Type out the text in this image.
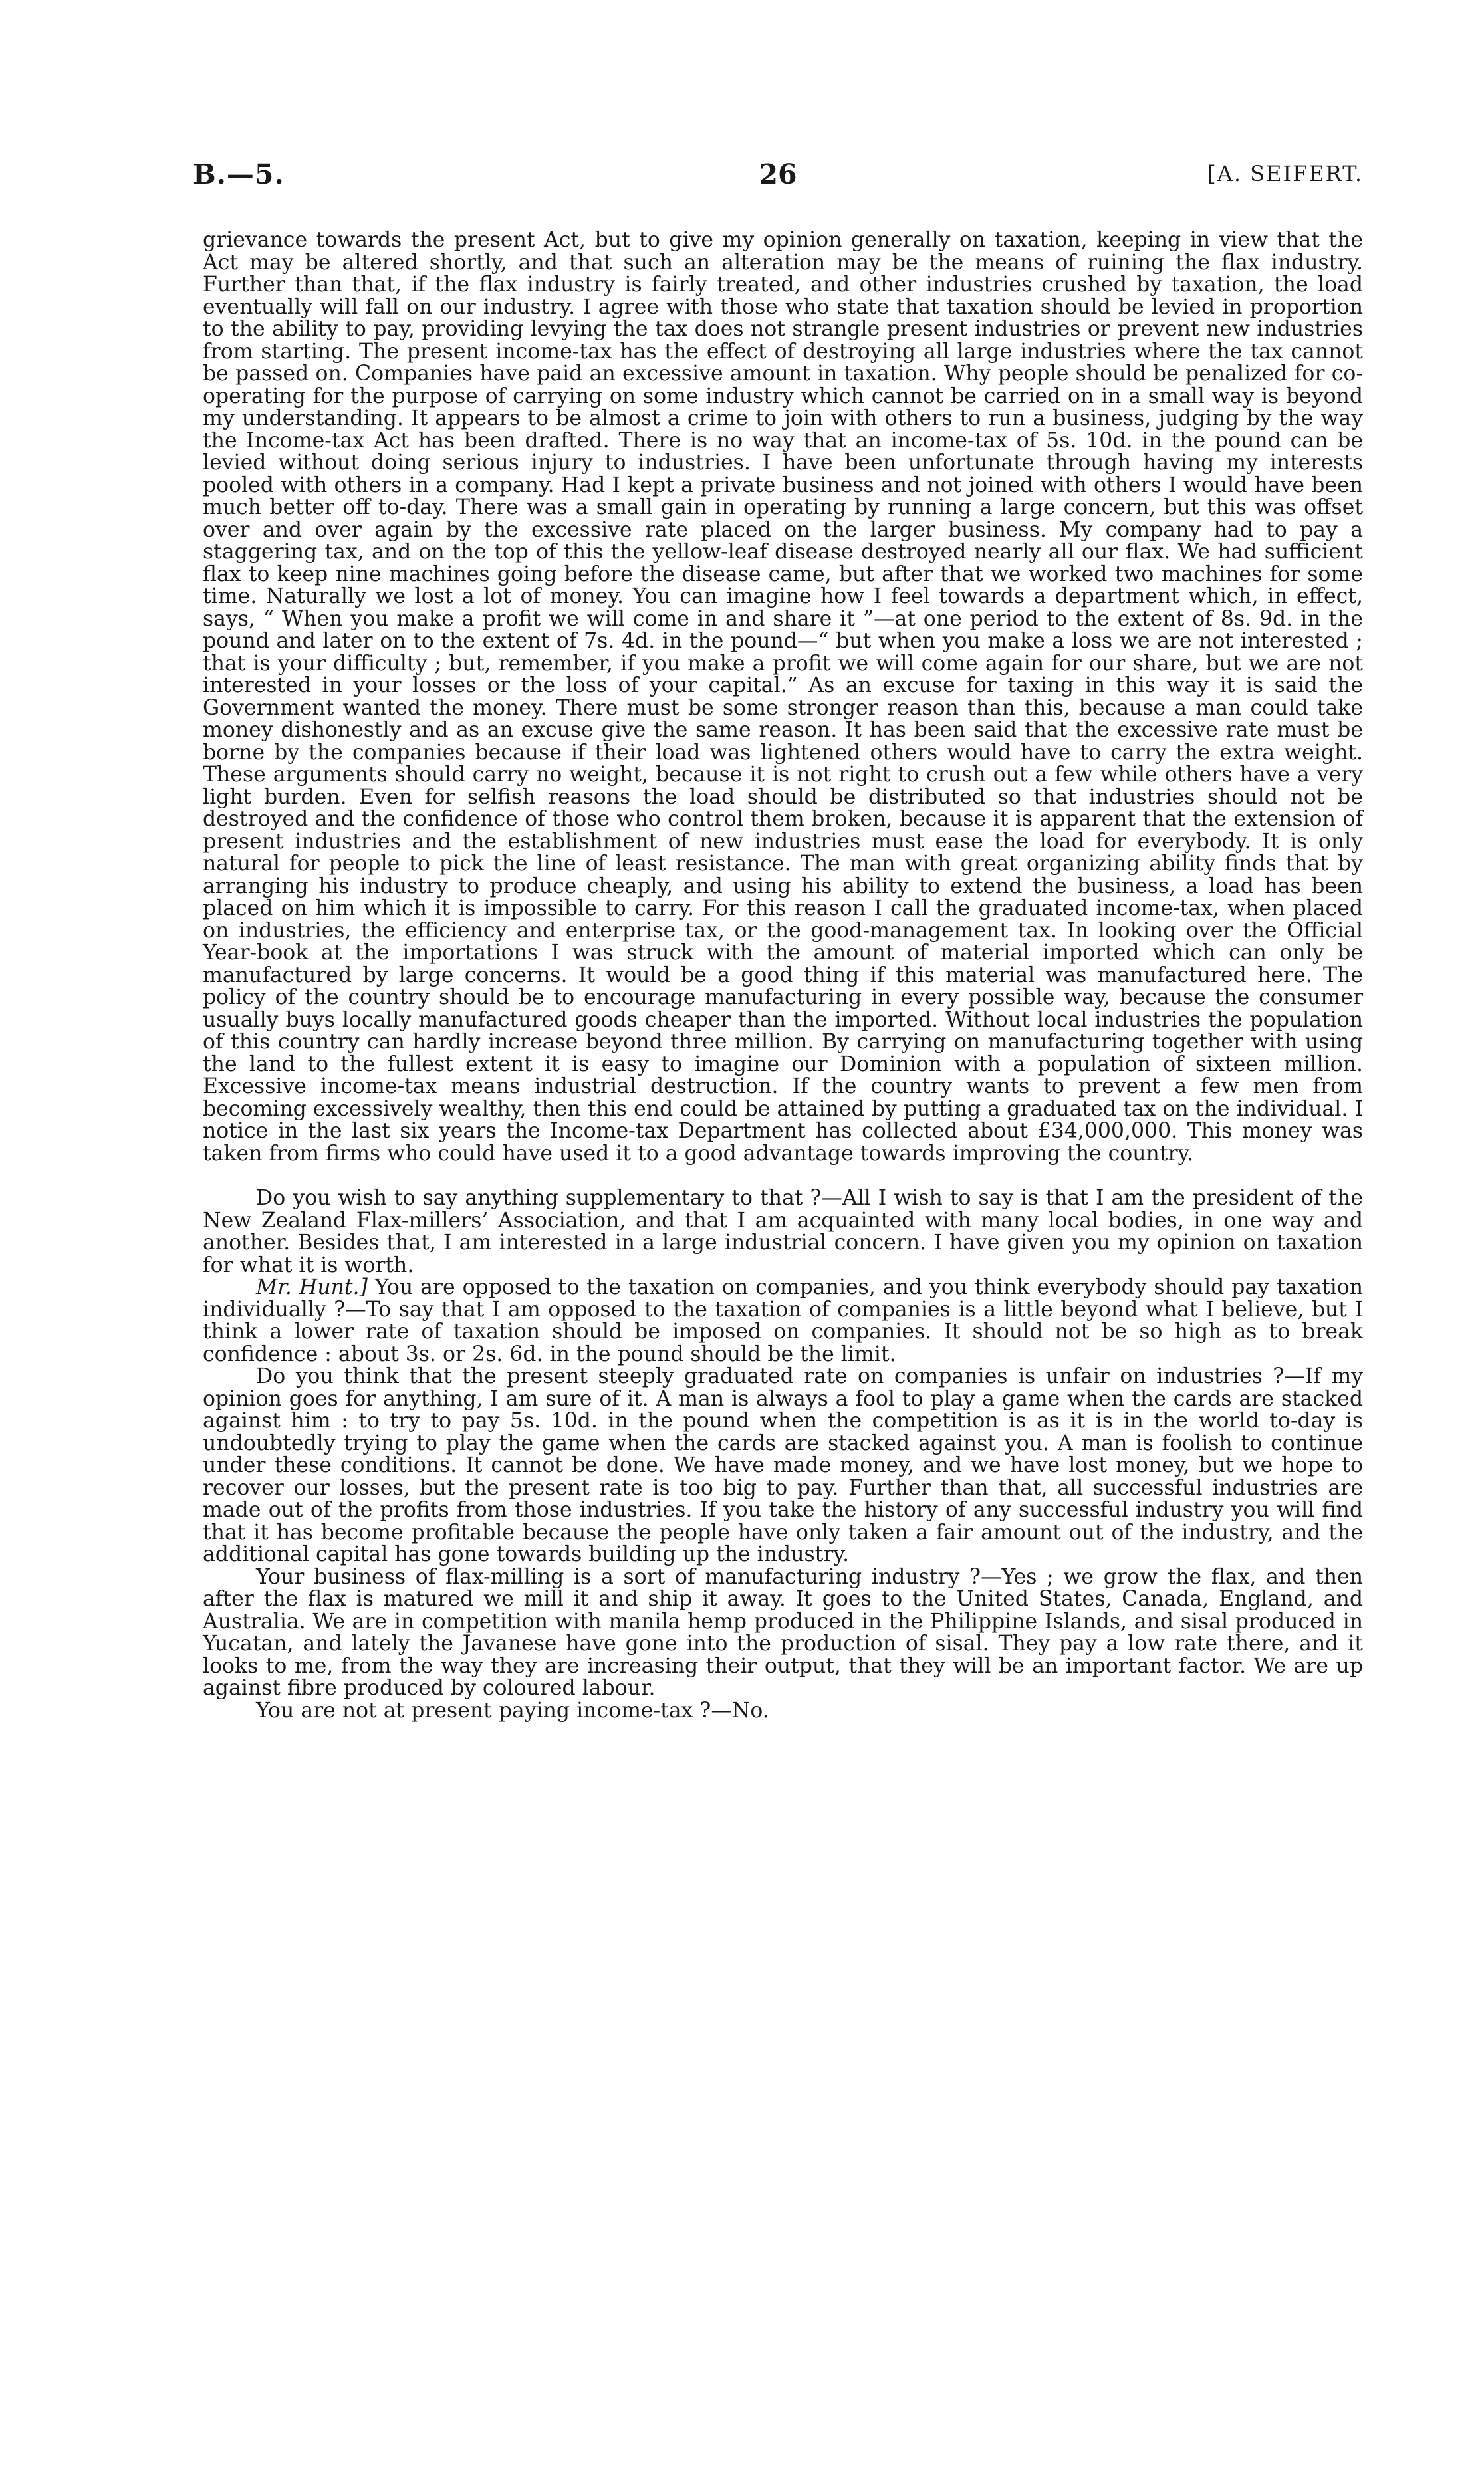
B.—5.	26	[A. SEIFERT.

grievance towards the present Act, but to give my opinion generally on taxation, keeping in view that the Act may be altered shortly, and that such an alteration may be the means of ruining the flax industry. Further than that, if the flax industry is fairly treated, and other industries crushed by taxation, the load eventually will fall on our industry. I agree with those who state that taxation should be levied in proportion to the ability to pay, providing levying the tax does not strangle present industries or prevent new industries from starting. The present income-tax has the effect of destroying all large industries where the tax cannot be passed on. Companies have paid an excessive amount in taxation. Why people should be penalized for co-operating for the purpose of carrying on some industry which cannot be carried on in a small way is beyond my understanding. It appears to be almost a crime to join with others to run a business, judging by the way the Income-tax Act has been drafted. There is no way that an income-tax of 5s. 10d. in the pound can be levied without doing serious injury to industries. I have been unfortunate through having my interests pooled with others in a company. Had I kept a private business and not joined with others I would have been much better off to-day. There was a small gain in operating by running a large concern, but this was offset over and over again by the excessive rate placed on the larger business. My company had to pay a staggering tax, and on the top of this the yellow-leaf disease destroyed nearly all our flax. We had sufficient flax to keep nine machines going before the disease came, but after that we worked two machines for some time. Naturally we lost a lot of money. You can imagine how I feel towards a department which, in effect, says, “ When you make a profit we will come in and share it ”—at one period to the extent of 8s. 9d. in the pound and later on to the extent of 7s. 4d. in the pound—“ but when you make a loss we are not interested ; that is your difficulty ; but, remember, if you make a profit we will come again for our share, but we are not interested in your losses or the loss of your capital.” As an excuse for taxing in this way it is said the Government wanted the money. There must be some stronger reason than this, because a man could take money dishonestly and as an excuse give the same reason. It has been said that the excessive rate must be borne by the companies because if their load was lightened others would have to carry the extra weight. These arguments should carry no weight, because it is not right to crush out a few while others have a very light burden. Even for selfish reasons the load should be distributed so that industries should not be destroyed and the confidence of those who control them broken, because it is apparent that the extension of present industries and the establishment of new industries must ease the load for everybody. It is only natural for people to pick the line of least resistance. The man with great organizing ability finds that by arranging his industry to produce cheaply, and using his ability to extend the business, a load has been placed on him which it is impossible to carry. For this reason I call the graduated income-tax, when placed on industries, the efficiency and enterprise tax, or the good-management tax. In looking over the Official Year-book at the importations I was struck with the amount of material imported which can only be manufactured by large concerns. It would be a good thing if this material was manufactured here. The policy of the country should be to encourage manufacturing in every possible way, because the consumer usually buys locally manufactured goods cheaper than the imported. Without local industries the population of this country can hardly increase beyond three million. By carrying on manufacturing together with using the land to the fullest extent it is easy to imagine our Dominion with a population of sixteen million. Excessive income-tax means industrial destruction. If the country wants to prevent a few men from becoming excessively wealthy, then this end could be attained by putting a graduated tax on the individual. I notice in the last six years the Income-tax Department has collected about £34,000,000. This money was taken from firms who could have used it to a good advantage towards improving the country.

Do you wish to say anything supplementary to that ?—All I wish to say is that I am the president of the New Zealand Flax-millers’ Association, and that I am acquainted with many local bodies, in one way and another. Besides that, I am interested in a large industrial concern. I have given you my opinion on taxation for what it is worth.

Mr. Hunt.] You are opposed to the taxation on companies, and you think everybody should pay taxation individually ?—To say that I am opposed to the taxation of companies is a little beyond what I believe, but I think a lower rate of taxation should be imposed on companies. It should not be so high as to break confidence : about 3s. or 2s. 6d. in the pound should be the limit.

Do you think that the present steeply graduated rate on companies is unfair on industries ?—If my opinion goes for anything, I am sure of it. A man is always a fool to play a game when the cards are stacked against him : to try to pay 5s. 10d. in the pound when the competition is as it is in the world to-day is undoubtedly trying to play the game when the cards are stacked against you. A man is foolish to continue under these conditions. It cannot be done. We have made money, and we have lost money, but we hope to recover our losses, but the present rate is too big to pay. Further than that, all successful industries are made out of the profits from those industries. If you take the history of any successful industry you will find that it has become profitable because the people have only taken a fair amount out of the industry, and the additional capital has gone towards building up the industry.

Your business of flax-milling is a sort of manufacturing industry ?—Yes ; we grow the flax, and then after the flax is matured we mill it and ship it away. It goes to the United States, Canada, England, and Australia. We are in competition with manila hemp produced in the Philippine Islands, and sisal produced in Yucatan, and lately the Javanese have gone into the production of sisal. They pay a low rate there, and it looks to me, from the way they are increasing their output, that they will be an important factor. We are up against fibre produced by coloured labour.

You are not at present paying income-tax ?—No.
